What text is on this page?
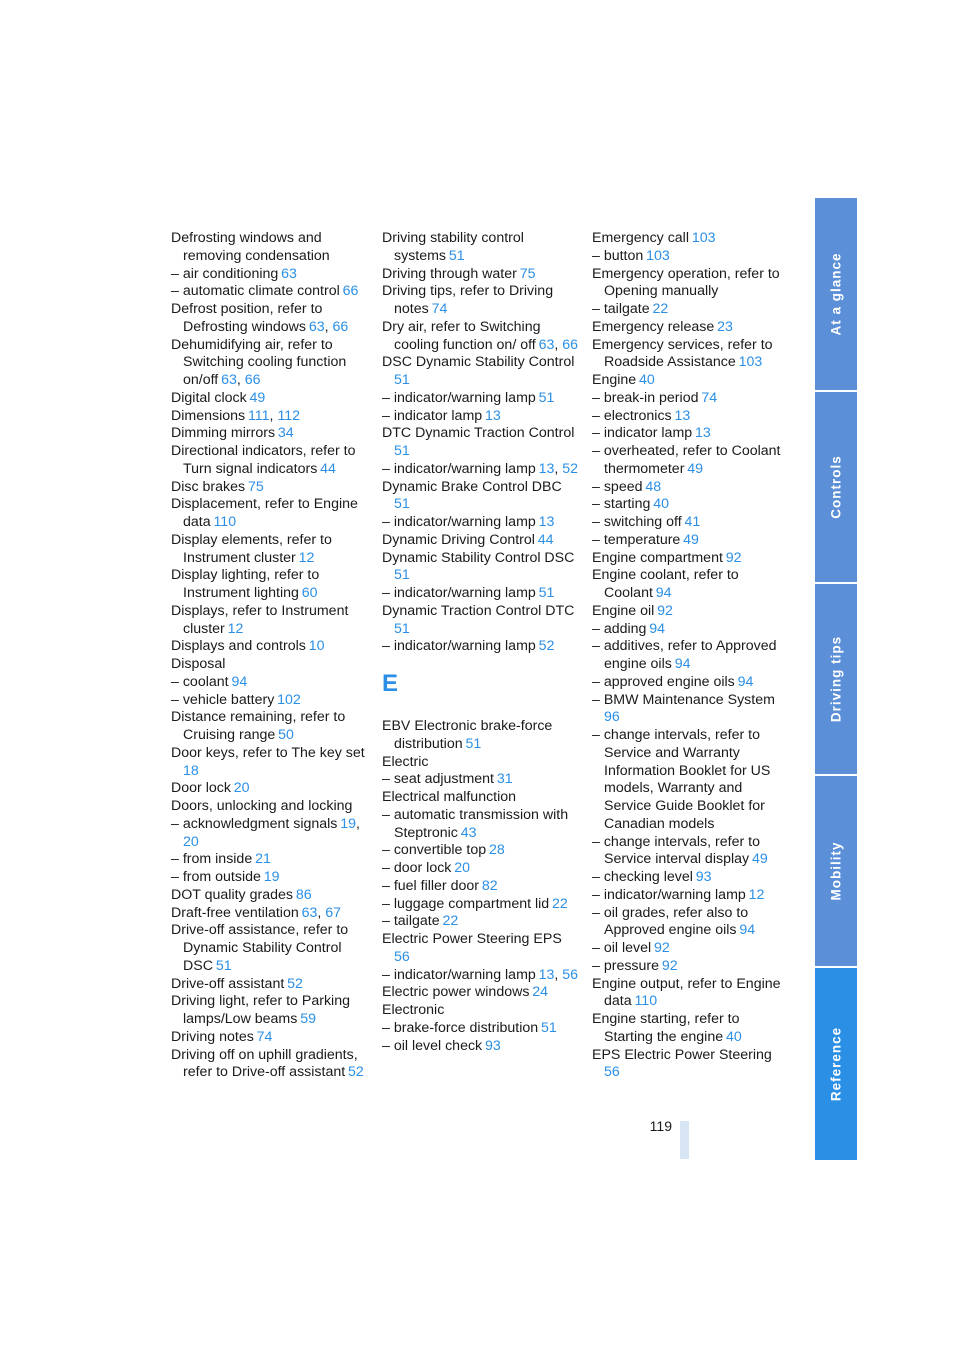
Defrosting windows and removing condensation
– air conditioning  63
– automatic climate control  66
Defrost position, refer to Defrosting windows  63, 66
Dehumidifying air, refer to Switching cooling function on/off  63, 66
Digital clock  49
Dimensions  111, 112
Dimming mirrors  34
Directional indicators, refer to Turn signal indicators  44
Disc brakes  75
Displacement, refer to Engine data  110
Display elements, refer to Instrument cluster  12
Display lighting, refer to Instrument lighting  60
Displays, refer to Instrument cluster  12
Displays and controls  10
Disposal
– coolant  94
– vehicle battery  102
Distance remaining, refer to Cruising range  50
Door keys, refer to The key set 18
Door lock  20
Doors, unlocking and locking
– acknowledgment signals  19, 20
– from inside  21
– from outside  19
DOT quality grades  86
Draft-free ventilation  63, 67
Drive-off assistance, refer to Dynamic Stability Control DSC  51
Drive-off assistant  52
Driving light, refer to Parking lamps/Low beams  59
Driving notes  74
Driving off on uphill gradients, refer to Drive-off assistant  52
Driving stability control systems  51
Driving through water  75
Driving tips, refer to Driving notes  74
Dry air, refer to Switching cooling function on/ off  63, 66
DSC Dynamic Stability Control 51
– indicator/warning lamp  51
– indicator lamp  13
DTC Dynamic Traction Control 51
– indicator/warning lamp  13, 52
Dynamic Brake Control DBC 51
– indicator/warning lamp  13
Dynamic Driving Control  44
Dynamic Stability Control DSC 51
– indicator/warning lamp  51
Dynamic Traction Control DTC 51
– indicator/warning lamp  52
E
EBV Electronic brake-force distribution  51
Electric
– seat adjustment  31
Electrical malfunction
– automatic transmission with Steptronic  43
– convertible top  28
– door lock  20
– fuel filler door  82
– luggage compartment lid  22
– tailgate  22
Electric Power Steering EPS 56
– indicator/warning lamp  13, 56
Electric power windows  24
Electronic
– brake-force distribution  51
– oil level check  93
Emergency call  103
– button  103
Emergency operation, refer to Opening manually
– tailgate  22
Emergency release  23
Emergency services, refer to Roadside Assistance  103
Engine  40
– break-in period  74
– electronics  13
– indicator lamp  13
– overheated, refer to Coolant thermometer  49
– speed  48
– starting  40
– switching off  41
– temperature  49
Engine compartment  92
Engine coolant, refer to Coolant  94
Engine oil  92
– adding  94
– additives, refer to Approved engine oils  94
– approved engine oils  94
– BMW Maintenance System 96
– change intervals, refer to Service and Warranty Information Booklet for US models, Warranty and Service Guide Booklet for Canadian models
– change intervals, refer to Service interval display  49
– checking level  93
– indicator/warning lamp  12
– oil grades, refer also to Approved engine oils  94
– oil level  92
– pressure  92
Engine output, refer to Engine data  110
Engine starting, refer to Starting the engine  40
EPS Electric Power Steering 56
At a glance
Controls
Driving tips
Mobility
Reference
119
